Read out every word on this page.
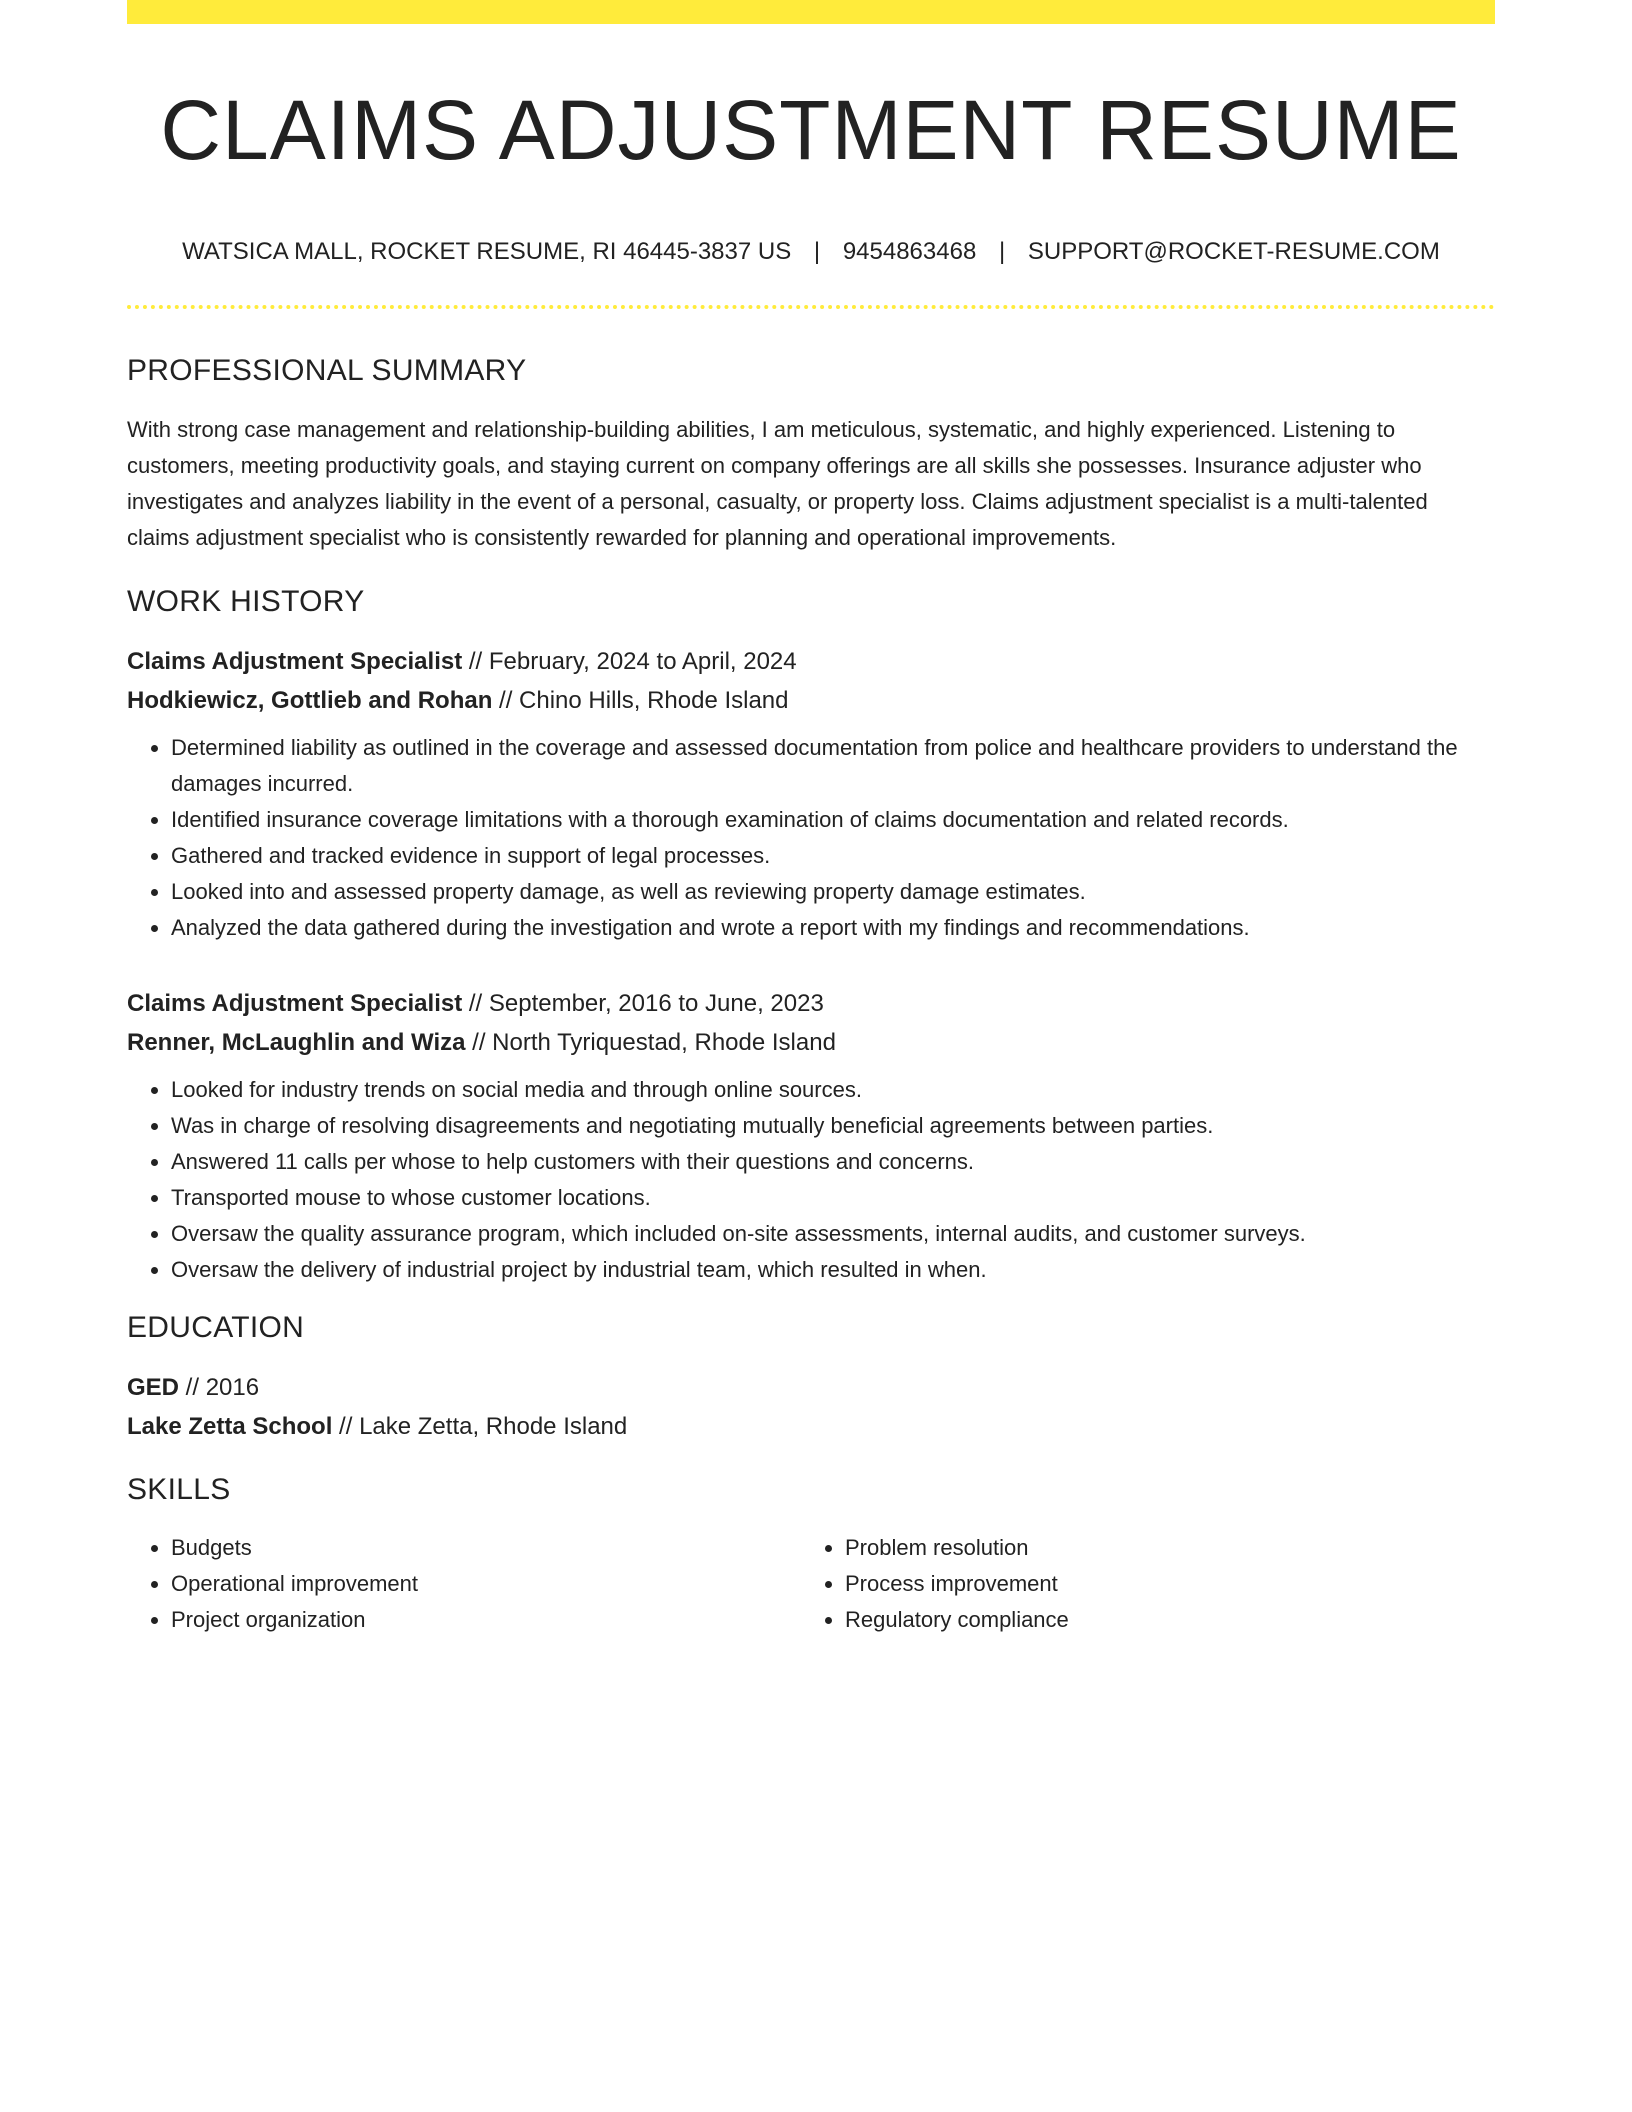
CLAIMS ADJUSTMENT RESUME
WATSICA MALL, ROCKET RESUME, RI 46445-3837 US | 9454863468 | SUPPORT@ROCKET-RESUME.COM
PROFESSIONAL SUMMARY
With strong case management and relationship-building abilities, I am meticulous, systematic, and highly experienced. Listening to customers, meeting productivity goals, and staying current on company offerings are all skills she possesses. Insurance adjuster who investigates and analyzes liability in the event of a personal, casualty, or property loss. Claims adjustment specialist is a multi-talented claims adjustment specialist who is consistently rewarded for planning and operational improvements.
WORK HISTORY
Claims Adjustment Specialist // February, 2024 to April, 2024
Hodkiewicz, Gottlieb and Rohan // Chino Hills, Rhode Island
• Determined liability as outlined in the coverage and assessed documentation from police and healthcare providers to understand the damages incurred.
• Identified insurance coverage limitations with a thorough examination of claims documentation and related records.
• Gathered and tracked evidence in support of legal processes.
• Looked into and assessed property damage, as well as reviewing property damage estimates.
• Analyzed the data gathered during the investigation and wrote a report with my findings and recommendations.
Claims Adjustment Specialist // September, 2016 to June, 2023
Renner, McLaughlin and Wiza // North Tyriquestad, Rhode Island
• Looked for industry trends on social media and through online sources.
• Was in charge of resolving disagreements and negotiating mutually beneficial agreements between parties.
• Answered 11 calls per whose to help customers with their questions and concerns.
• Transported mouse to whose customer locations.
• Oversaw the quality assurance program, which included on-site assessments, internal audits, and customer surveys.
• Oversaw the delivery of industrial project by industrial team, which resulted in when.
EDUCATION
GED // 2016
Lake Zetta School // Lake Zetta, Rhode Island
SKILLS
• Budgets
• Operational improvement
• Project organization
• Problem resolution
• Process improvement
• Regulatory compliance
